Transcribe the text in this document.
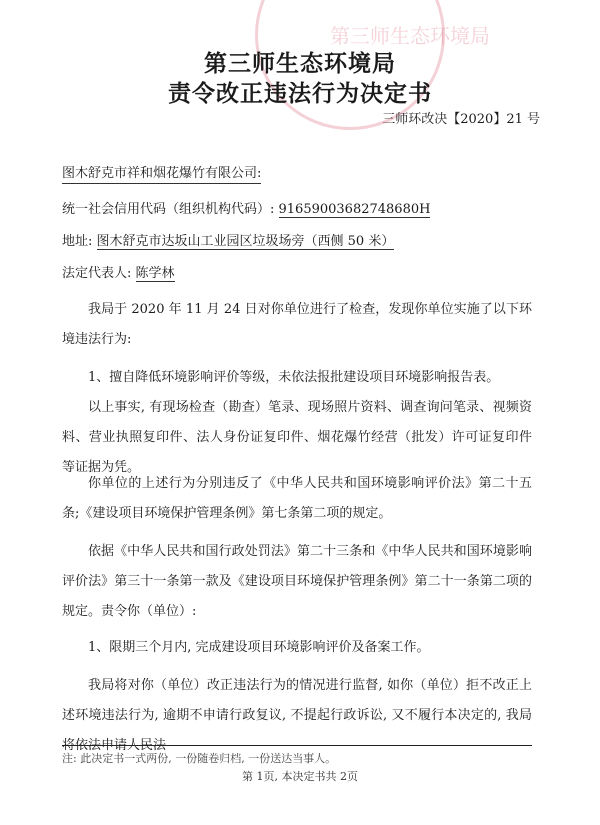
第三师生态环境局
第三师生态环境局
责令改正违法行为决定书
三师环改决【2020】21 号
图木舒克市祥和烟花爆竹有限公司:
统一社会信用代码（组织机构代码）: 91659003682748680H
地址: 图木舒克市达坂山工业园区垃圾场旁（西侧 50 米）
法定代表人: 陈学林
我局于 2020 年 11 月 24 日对你单位进行了检查，发现你单位实施了以下环境违法行为:
1、擅自降低环境影响评价等级，未依法报批建设项目环境影响报告表。
以上事实, 有现场检查（勘查）笔录、现场照片资料、调查询问笔录、视频资料、营业执照复印件、法人身份证复印件、烟花爆竹经营（批发）许可证复印件 等证据为凭。
你单位的上述行为分别违反了《中华人民共和国环境影响评价法》第二十五条;《建设项目环境保护管理条例》第七条第二项的规定。
依据《中华人民共和国行政处罚法》第二十三条和《中华人民共和国环境影响评价法》第三十一条第一款及《建设项目环境保护管理条例》第二十一条第二项的规定。责令你（单位）:
1、限期三个月内, 完成建设项目环境影响评价及备案工作。
我局将对你（单位）改正违法行为的情况进行监督, 如你（单位）拒不改正上述环境违法行为, 逾期不申请行政复议, 不提起行政诉讼, 又不履行本决定的, 我局将依法申请人民法
注: 此决定书一式两份, 一份随卷归档, 一份送达当事人。
第 1页, 本决定书共 2页
